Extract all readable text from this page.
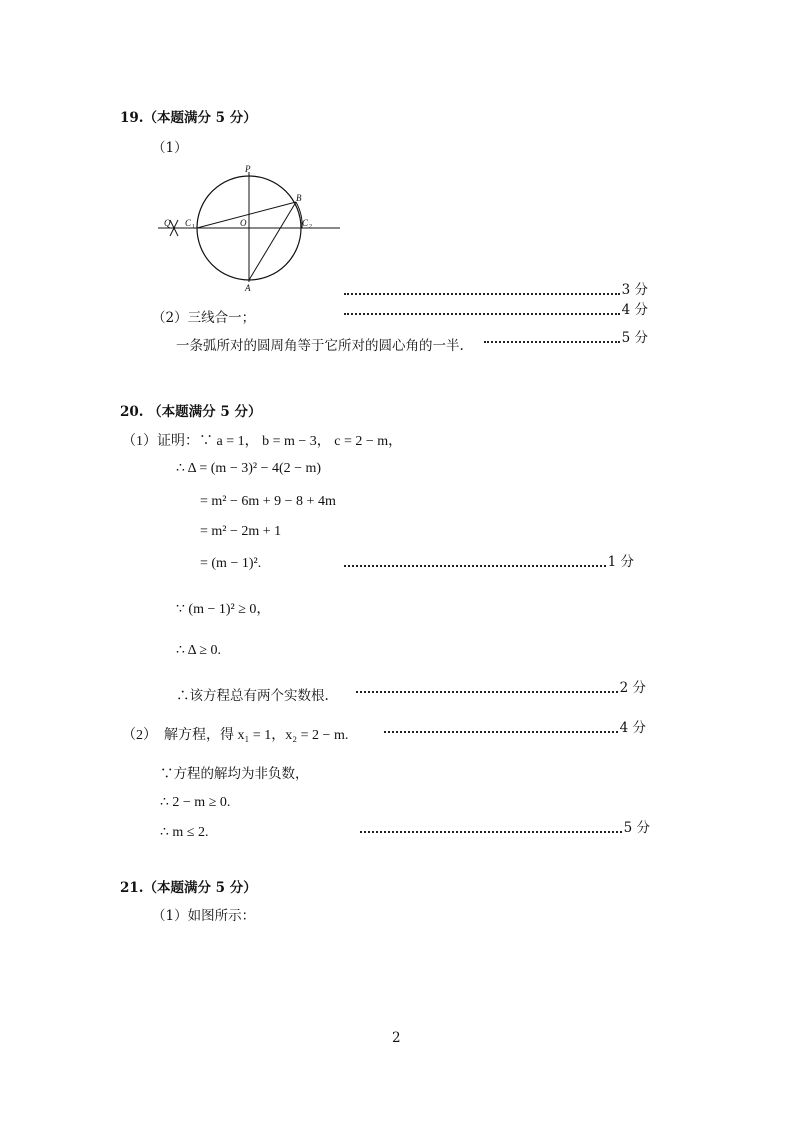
19.（本题满分 5 分）
（1）
P
B
Q C 1	O	C 2
A	3 分
（2）三线合一；	4 分
一条弧所对的圆周角等于它所对的圆心角的一半.	5 分
20. （本题满分 5 分）
（1）证明：∵ a = 1， b = m − 3， c = 2 − m，
∴ Δ = (m − 3)² − 4(2 − m)
= m² − 6m + 9 − 8 + 4m
= m² − 2m + 1
= (m − 1)².	1 分
∵ (m − 1)² ≥ 0，
∴ Δ ≥ 0.
∴该方程总有两个实数根.	2 分
（2）　解方程，得 x₁ = 1，x₂ = 2 − m.	4 分
∵方程的解均为非负数，
∴ 2 − m ≥ 0.
∴ m ≤ 2.	5 分
21.（本题满分 5 分）
（1）如图所示：
2
